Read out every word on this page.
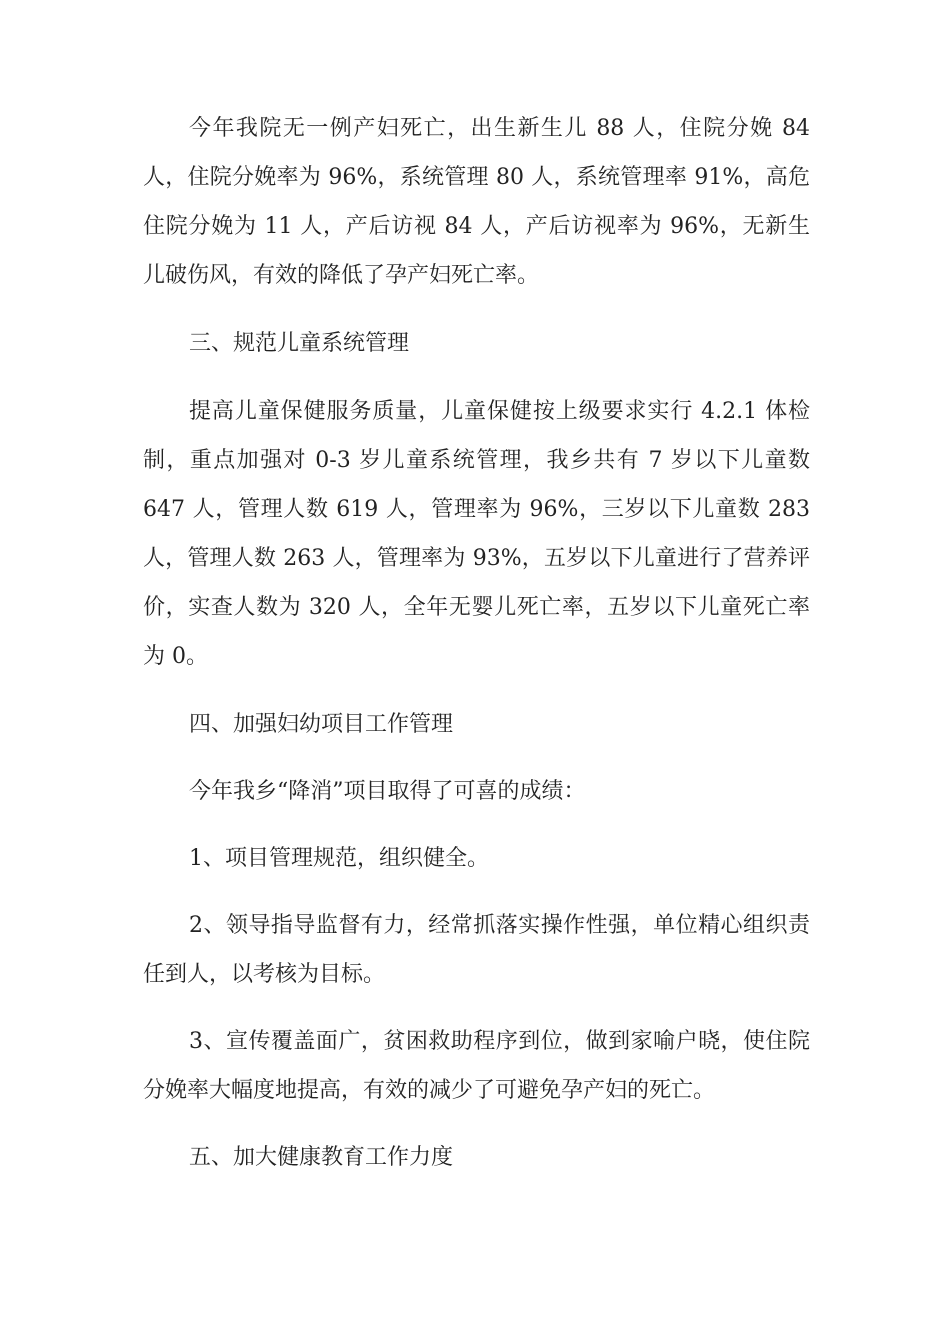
今年我院无一例产妇死亡，出生新生儿 88 人，住院分娩 84 人，住院分娩率为 96%，系统管理 80 人，系统管理率 91%，高危住院分娩为 11 人，产后访视 84 人，产后访视率为 96%，无新生儿破伤风，有效的降低了孕产妇死亡率。

三、规范儿童系统管理

提高儿童保健服务质量，儿童保健按上级要求实行 4.2.1 体检制，重点加强对 0-3 岁儿童系统管理，我乡共有 7 岁以下儿童数 647 人，管理人数 619 人，管理率为 96%，三岁以下儿童数 283 人，管理人数 263 人，管理率为 93%，五岁以下儿童进行了营养评价，实查人数为 320 人，全年无婴儿死亡率，五岁以下儿童死亡率为 0。

四、加强妇幼项目工作管理

今年我乡“降消”项目取得了可喜的成绩：

1、项目管理规范，组织健全。

2、领导指导监督有力，经常抓落实操作性强，单位精心组织责任到人，以考核为目标。

3、宣传覆盖面广，贫困救助程序到位，做到家喻户晓，使住院分娩率大幅度地提高，有效的减少了可避免孕产妇的死亡。

五、加大健康教育工作力度
